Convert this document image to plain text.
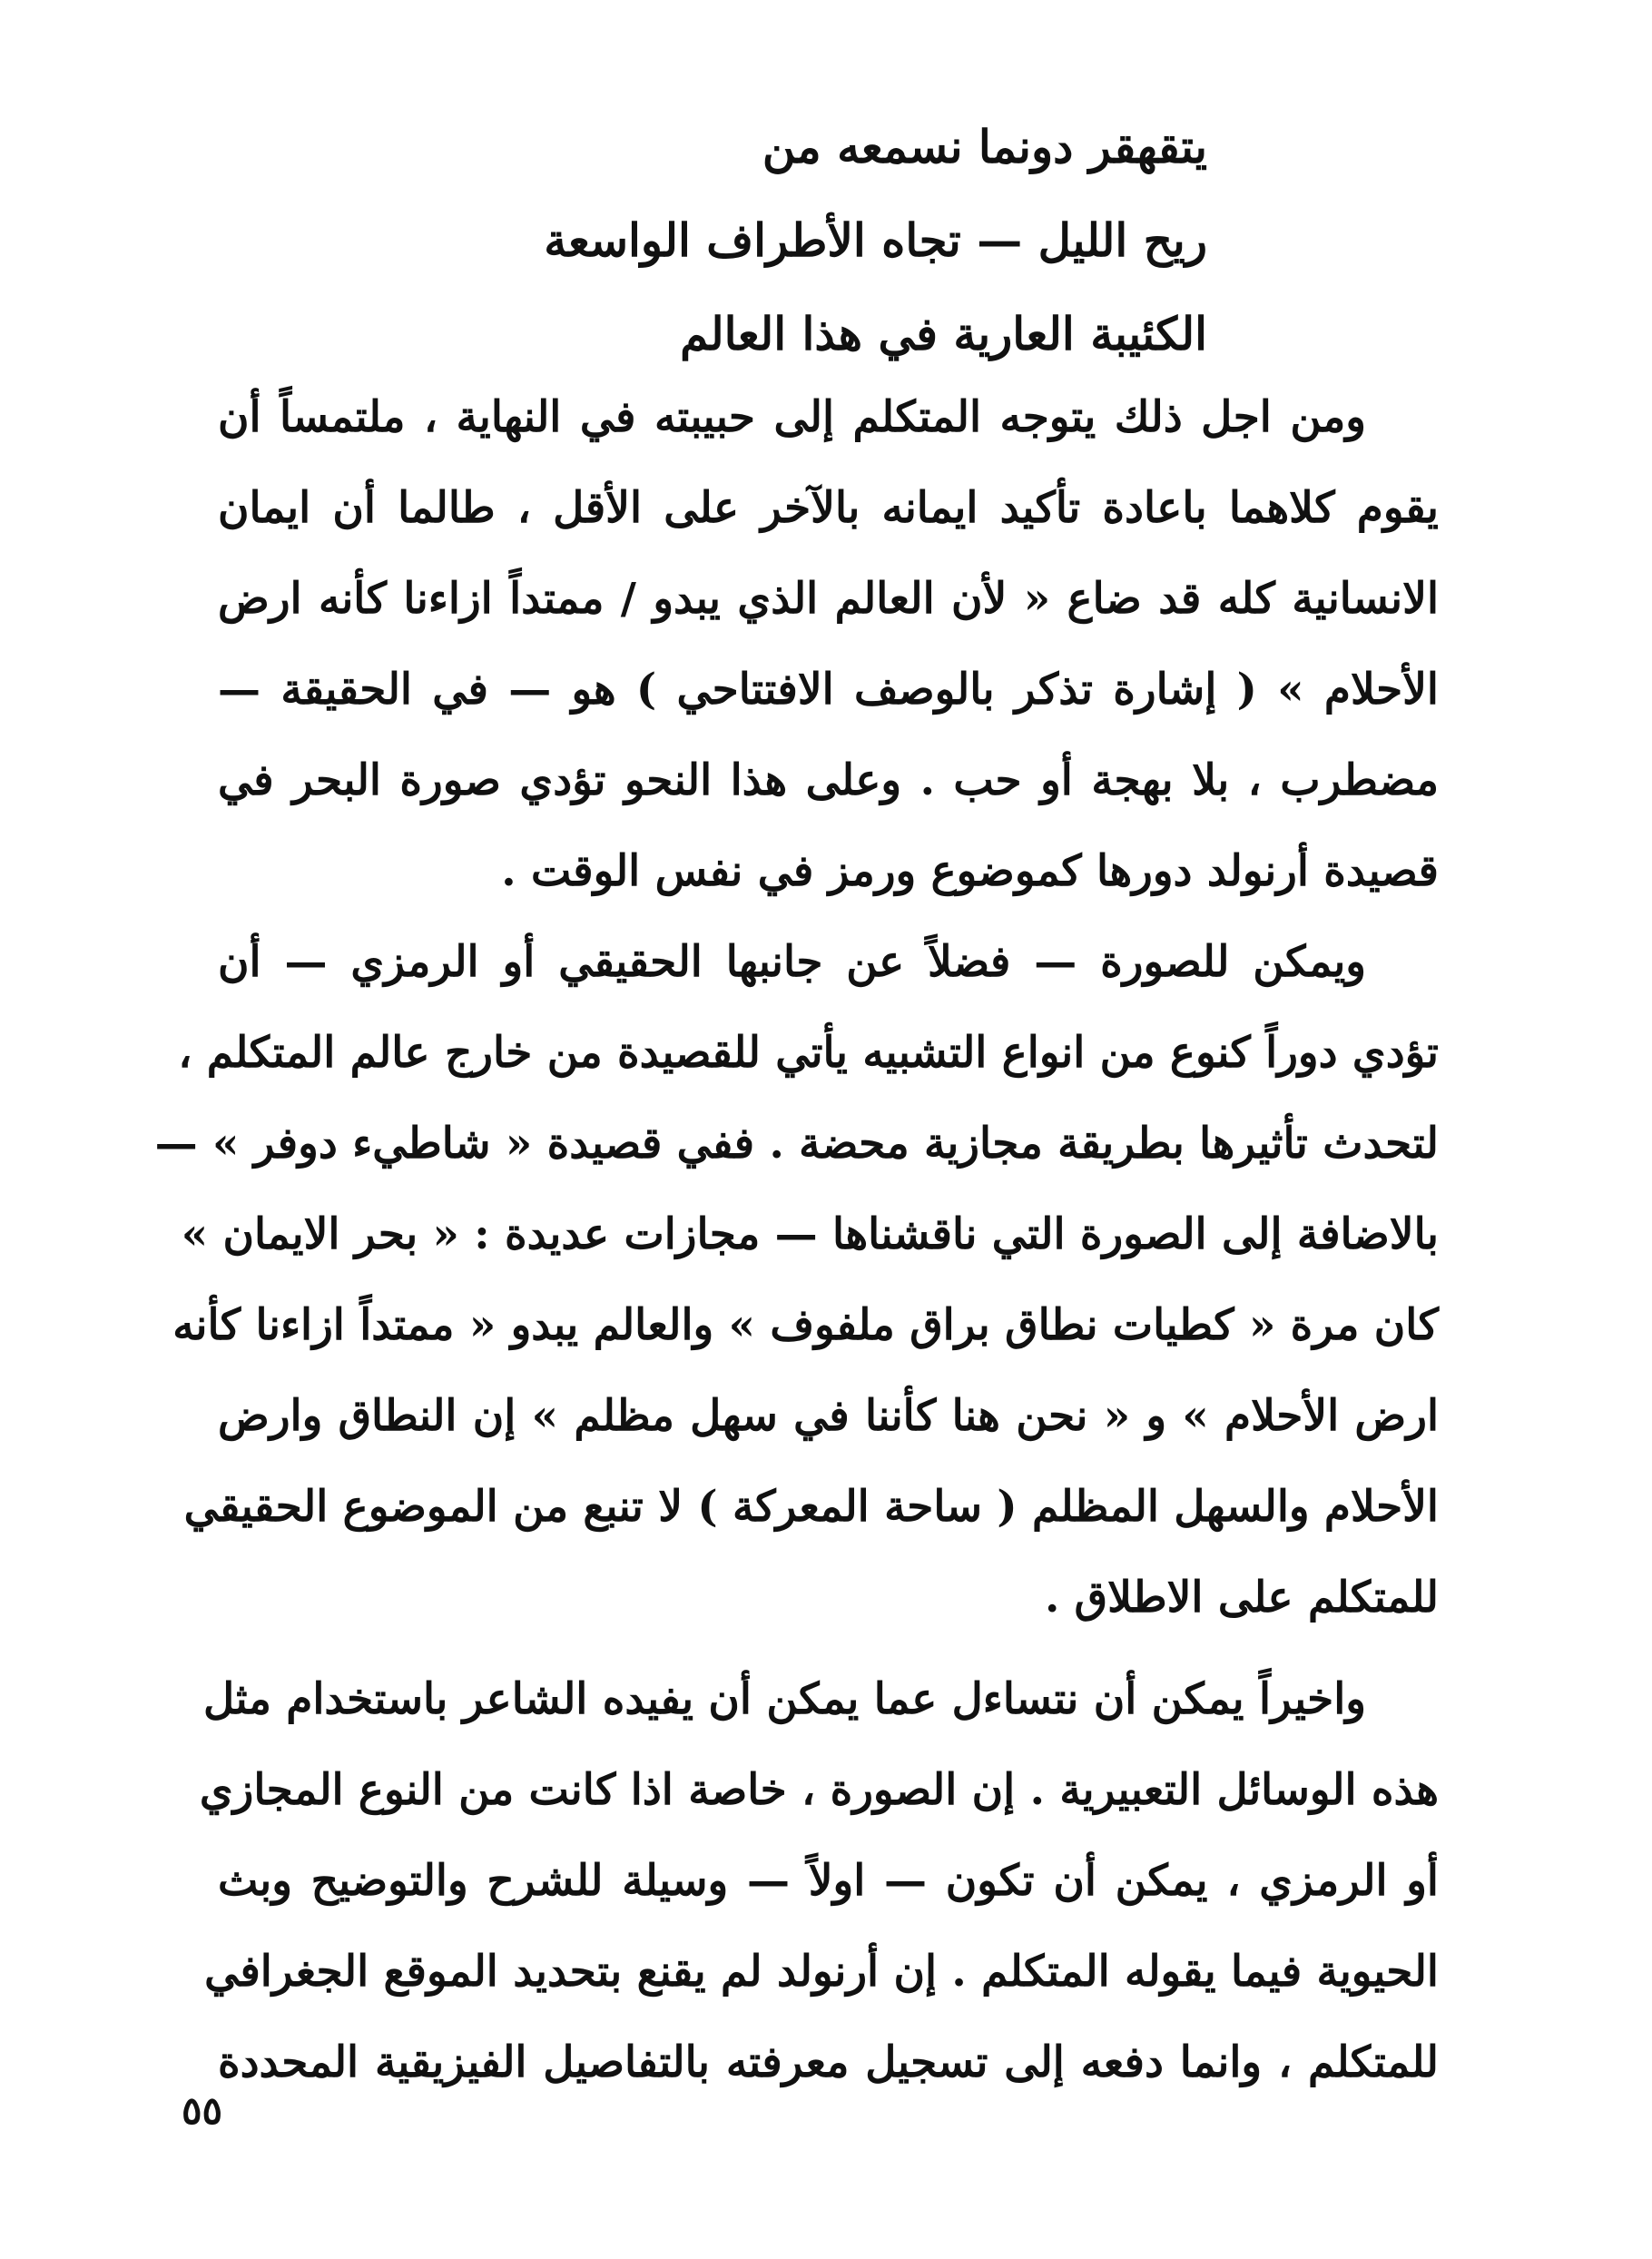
يتقهقر دونما نسمعه من
ريح الليل — تجاه الأطراف الواسعة
الكئيبة العارية في هذا العالم
ومن اجل ذلك يتوجه المتكلم إلى حبيبته في النهاية ، ملتمساً أن
يقوم كلاهما باعادة تأكيد ايمانه بالآخر على الأقل ، طالما أن ايمان
الانسانية كله قد ضاع « لأن العالم الذي يبدو / ممتداً ازاءنا كأنه ارض
الأحلام » ( إشارة تذكر بالوصف الافتتاحي ) هو — في الحقيقة —
مضطرب ، بلا بهجة أو حب . وعلى هذا النحو تؤدي صورة البحر في
قصيدة أرنولد دورها كموضوع ورمز في نفس الوقت .
ويمكن للصورة — فضلاً عن جانبها الحقيقي أو الرمزي — أن
تؤدي دوراً كنوع من انواع التشبيه يأتي للقصيدة من خارج عالم المتكلم ،
لتحدث تأثيرها بطريقة مجازية محضة . ففي قصيدة « شاطيء دوفر » —
بالاضافة إلى الصورة التي ناقشناها — مجازات عديدة : « بحر الايمان »
كان مرة « كطيات نطاق براق ملفوف » والعالم يبدو « ممتداً ازاءنا كأنه
ارض الأحلام » و « نحن هنا كأننا في سهل مظلم » إن النطاق وارض
الأحلام والسهل المظلم ( ساحة المعركة ) لا تنبع من الموضوع الحقيقي
للمتكلم على الاطلاق .
واخيراً يمكن أن نتساءل عما يمكن أن يفيده الشاعر باستخدام مثل
هذه الوسائل التعبيرية . إن الصورة ، خاصة اذا كانت من النوع المجازي
أو الرمزي ، يمكن أن تكون — اولاً — وسيلة للشرح والتوضيح وبث
الحيوية فيما يقوله المتكلم . إن أرنولد لم يقنع بتحديد الموقع الجغرافي
للمتكلم ، وانما دفعه إلى تسجيل معرفته بالتفاصيل الفيزيقية المحددة
٥٥
